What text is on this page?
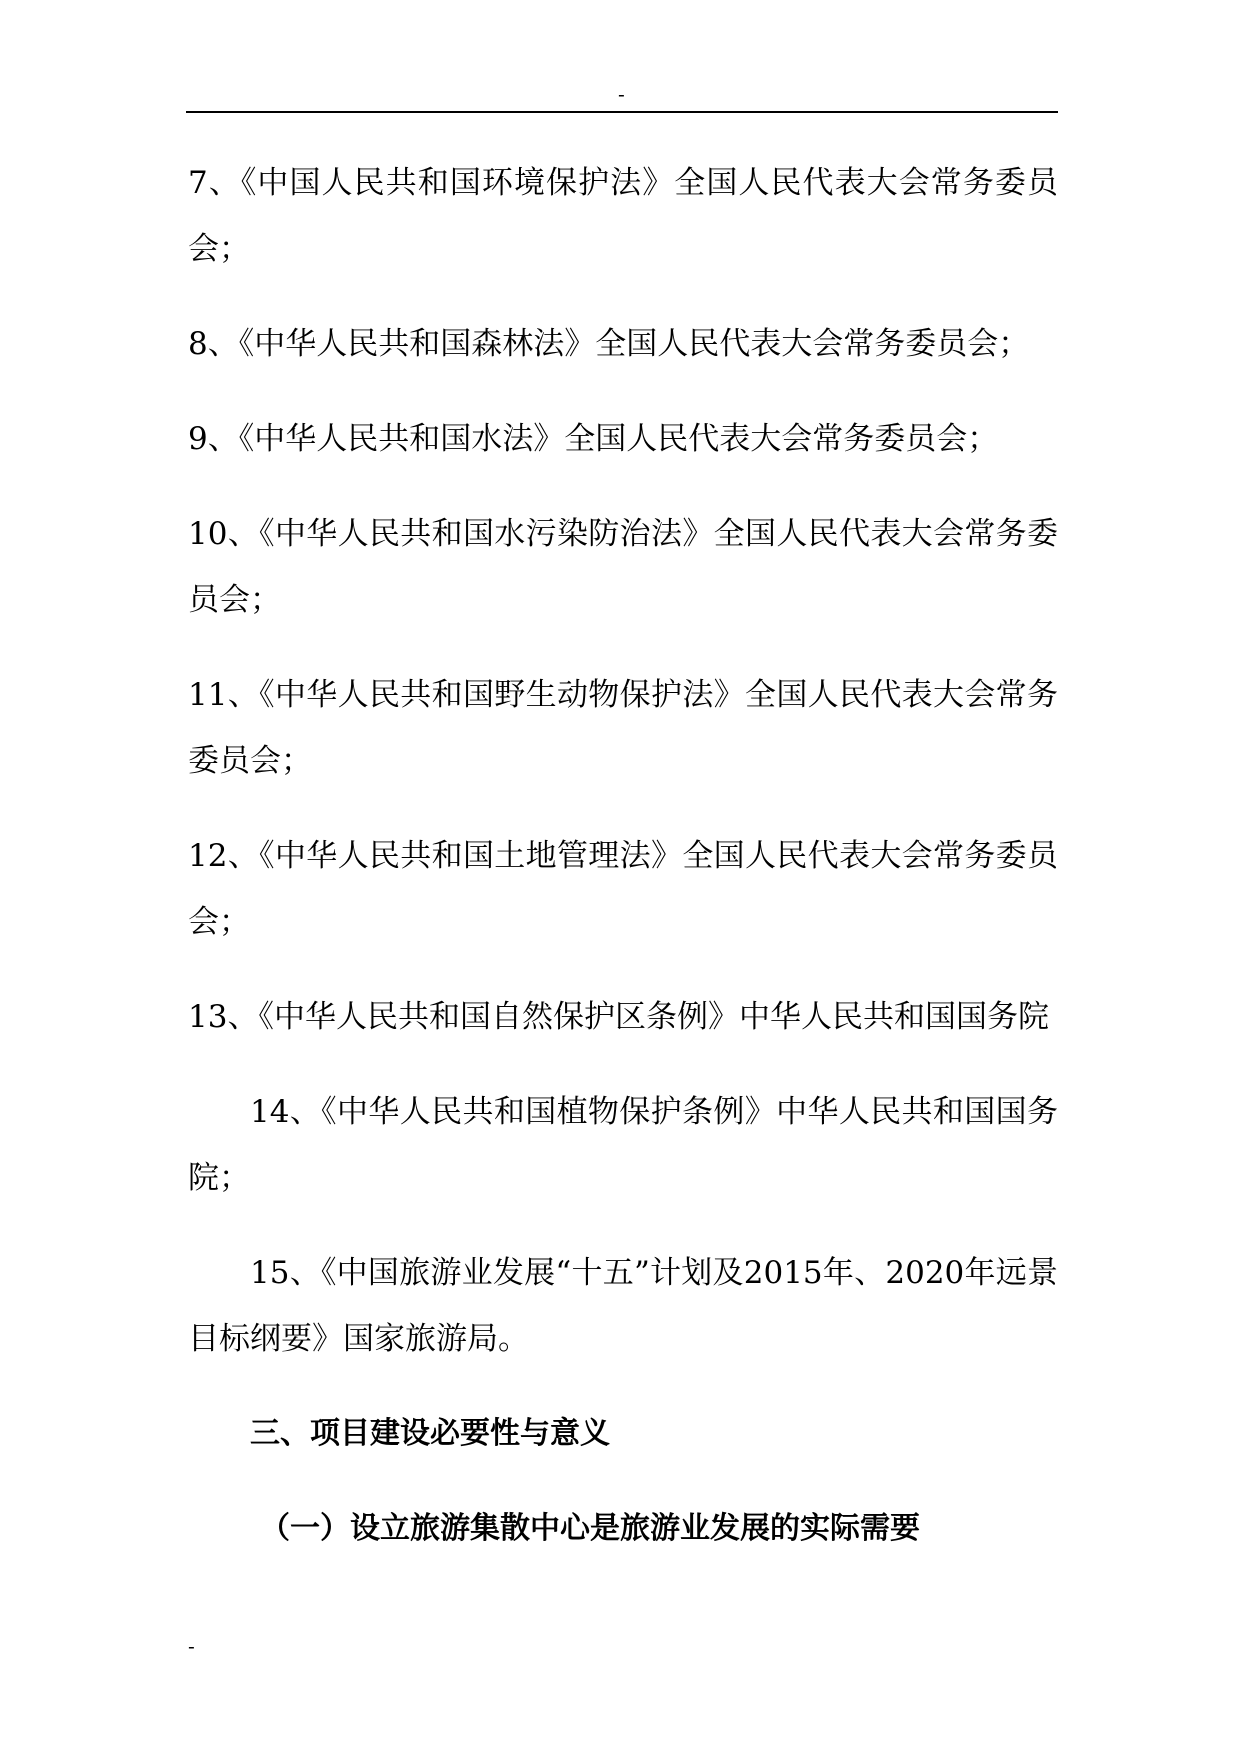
-

7、《中国人民共和国环境保护法》全国人民代表大会常务委员会；

8、《中华人民共和国森林法》全国人民代表大会常务委员会；

9、《中华人民共和国水法》全国人民代表大会常务委员会；

10、《中华人民共和国水污染防治法》全国人民代表大会常务委员会；

11、《中华人民共和国野生动物保护法》全国人民代表大会常务委员会；

12、《中华人民共和国土地管理法》全国人民代表大会常务委员会；

13、《中华人民共和国自然保护区条例》中华人民共和国国务院

14、《中华人民共和国植物保护条例》中华人民共和国国务院；

15、《中国旅游业发展“十五”计划及2015年、2020年远景目标纲要》国家旅游局。

三、项目建设必要性与意义
（一）设立旅游集散中心是旅游业发展的实际需要
-
